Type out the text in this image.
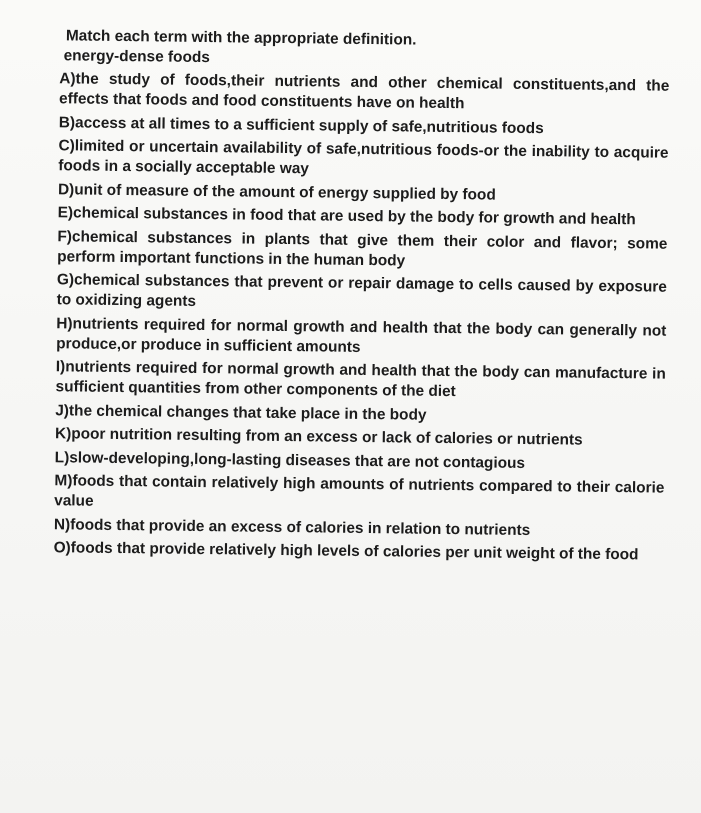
Match each term with the appropriate definition.

energy-dense foods

A)the study of foods,their nutrients and other chemical constituents,and the effects that foods and food constituents have on health
B)access at all times to a sufficient supply of safe,nutritious foods
C)limited or uncertain availability of safe,nutritious foods-or the inability to acquire foods in a socially acceptable way
D)unit of measure of the amount of energy supplied by food
E)chemical substances in food that are used by the body for growth and health
F)chemical substances in plants that give them their color and flavor; some perform important functions in the human body
G)chemical substances that prevent or repair damage to cells caused by exposure to oxidizing agents
H)nutrients required for normal growth and health that the body can generally not produce,or produce in sufficient amounts
I)nutrients required for normal growth and health that the body can manufacture in sufficient quantities from other components of the diet
J)the chemical changes that take place in the body
K)poor nutrition resulting from an excess or lack of calories or nutrients
L)slow-developing,long-lasting diseases that are not contagious
M)foods that contain relatively high amounts of nutrients compared to their calorie value
N)foods that provide an excess of calories in relation to nutrients
O)foods that provide relatively high levels of calories per unit weight of the food
